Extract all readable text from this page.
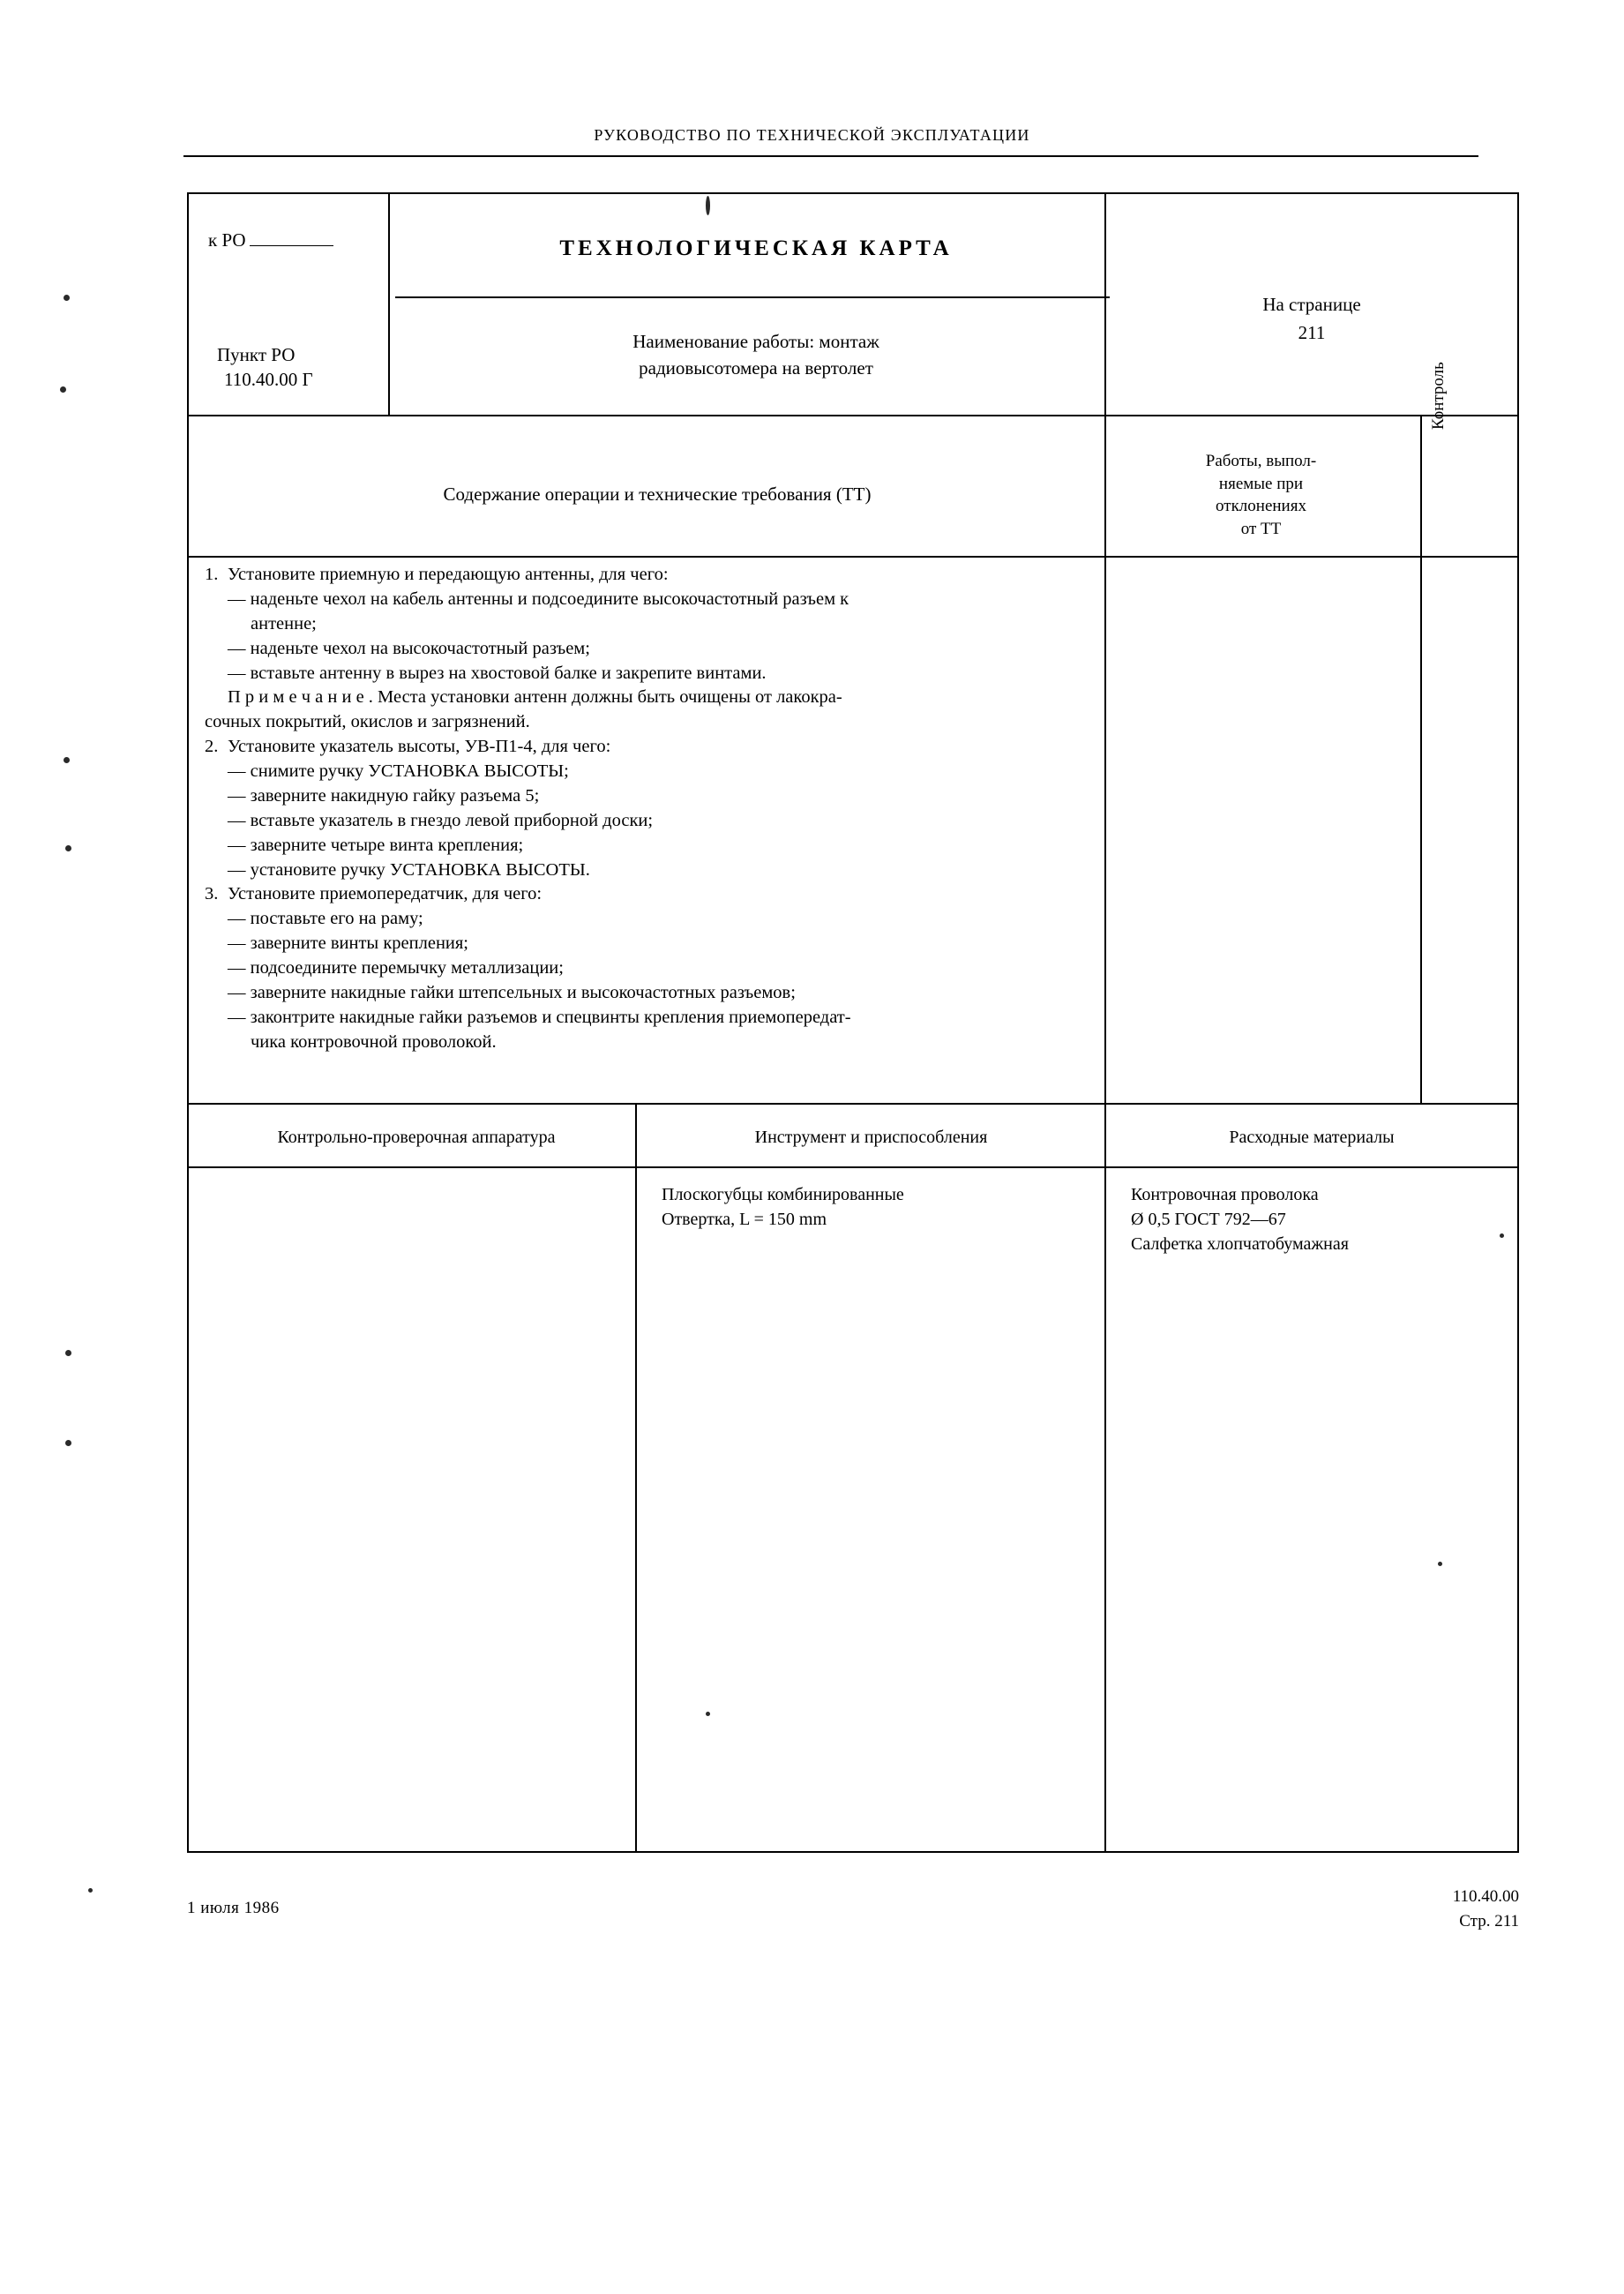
РУКОВОДСТВО ПО ТЕХНИЧЕСКОЙ ЭКСПЛУАТАЦИИ
к РО
Пункт РО
110.40.00 Г
ТЕХНОЛОГИЧЕСКАЯ КАРТА
Наименование работы: монтаж
радиовысотомера на вертолет
На странице
211
Содержание операции и технические требования (ТТ)
Работы, выпол-
няемые при
отклонениях
от ТТ
Контроль
1. Установите приемную и передающую антенны, для чего:
— наденьте чехол на кабель антенны и подсоедините высокочастотный разъем к
антенне;
— наденьте чехол на высокочастотный разъем;
— вставьте антенну в вырез на хвостовой балке и закрепите винтами.
П р и м е ч а н и е . Места установки антенн должны быть очищены от лакокра-
сочных покрытий, окислов и загрязнений.
2. Установите указатель высоты, УВ-П1-4, для чего:
— снимите ручку УСТАНОВКА ВЫСОТЫ;
— заверните накидную гайку разъема 5;
— вставьте указатель в гнездо левой приборной доски;
— заверните четыре винта крепления;
— установите ручку УСТАНОВКА ВЫСОТЫ.
3. Установите приемопередатчик, для чего:
— поставьте его на раму;
— заверните винты крепления;
— подсоедините перемычку металлизации;
— заверните накидные гайки штепсельных и высокочастотных разъемов;
— законтрите накидные гайки разъемов и спецвинты крепления приемопередат-
чика контровочной проволокой.
Контрольно-проверочная аппаратура	Инструмент и приспособления	Расходные материалы
Плоскогубцы комбинированные
Отвертка, L = 150 mm
Контровочная проволока
Ø 0,5 ГОСТ 792—67
Салфетка хлопчатобумажная
1 июля 1986
110.40.00
Стр. 211
